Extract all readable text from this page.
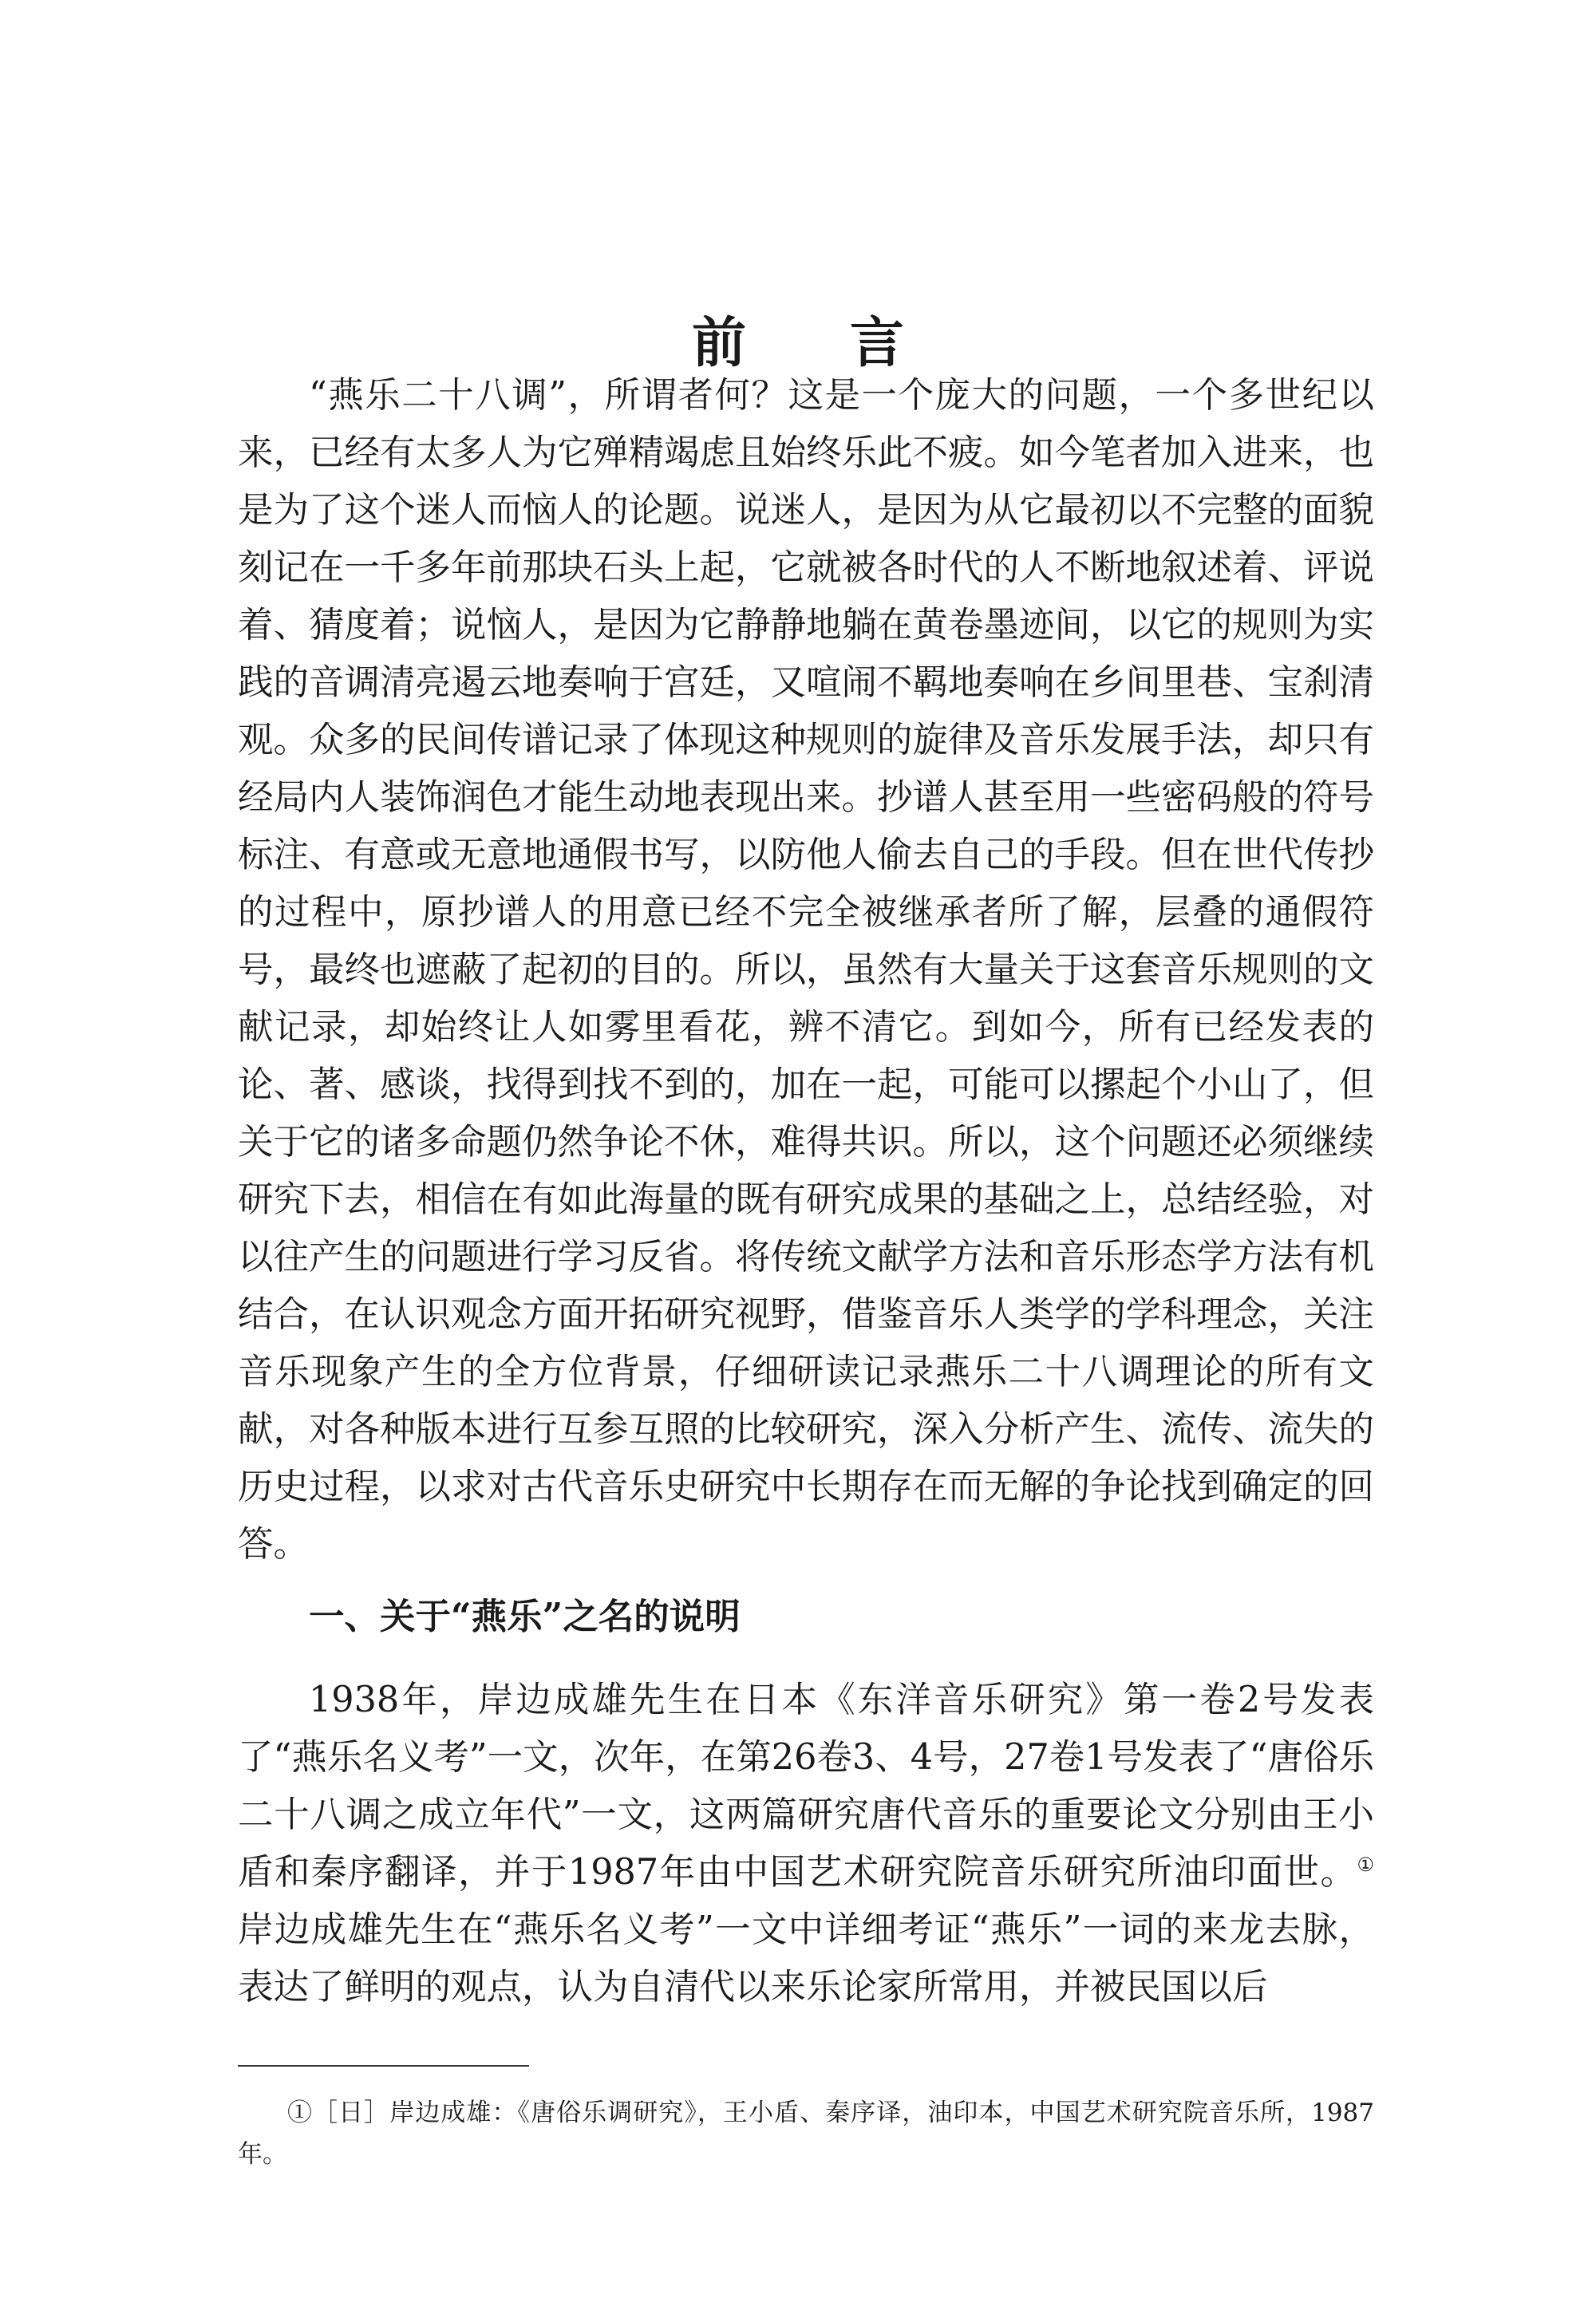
前 言

“燕乐二十八调”，所谓者何？这是一个庞大的问题，一个多世纪以来，已经有太多人为它殚精竭虑且始终乐此不疲。如今笔者加入进来，也是为了这个迷人而恼人的论题。说迷人，是因为从它最初以不完整的面貌刻记在一千多年前那块石头上起，它就被各时代的人不断地叙述着、评说着、猜度着；说恼人，是因为它静静地躺在黄卷墨迹间，以它的规则为实践的音调清亮遏云地奏响于宫廷，又喧闹不羁地奏响在乡间里巷、宝刹清观。众多的民间传谱记录了体现这种规则的旋律及音乐发展手法，却只有经局内人装饰润色才能生动地表现出来。抄谱人甚至用一些密码般的符号标注、有意或无意地通假书写，以防他人偷去自己的手段。但在世代传抄的过程中，原抄谱人的用意已经不完全被继承者所了解，层叠的通假符号，最终也遮蔽了起初的目的。所以，虽然有大量关于这套音乐规则的文献记录，却始终让人如雾里看花，辨不清它。到如今，所有已经发表的论、著、感谈，找得到找不到的，加在一起，可能可以摞起个小山了，但关于它的诸多命题仍然争论不休，难得共识。所以，这个问题还必须继续研究下去，相信在有如此海量的既有研究成果的基础之上，总结经验，对以往产生的问题进行学习反省。将传统文献学方法和音乐形态学方法有机结合，在认识观念方面开拓研究视野，借鉴音乐人类学的学科理念，关注音乐现象产生的全方位背景，仔细研读记录燕乐二十八调理论的所有文献，对各种版本进行互参互照的比较研究，深入分析产生、流传、流失的历史过程，以求对古代音乐史研究中长期存在而无解的争论找到确定的回答。

一、关于“燕乐”之名的说明

1938年，岸边成雄先生在日本《东洋音乐研究》第一卷2号发表了“燕乐名义考”一文，次年，在第26卷3、4号，27卷1号发表了“唐俗乐二十八调之成立年代”一文，这两篇研究唐代音乐的重要论文分别由王小盾和秦序翻译，并于1987年由中国艺术研究院音乐研究所油印面世。①岸边成雄先生在“燕乐名义考”一文中详细考证“燕乐”一词的来龙去脉，表达了鲜明的观点，认为自清代以来乐论家所常用，并被民国以后

①［日］岸边成雄：《唐俗乐调研究》，王小盾、秦序译，油印本，中国艺术研究院音乐所，1987年。
